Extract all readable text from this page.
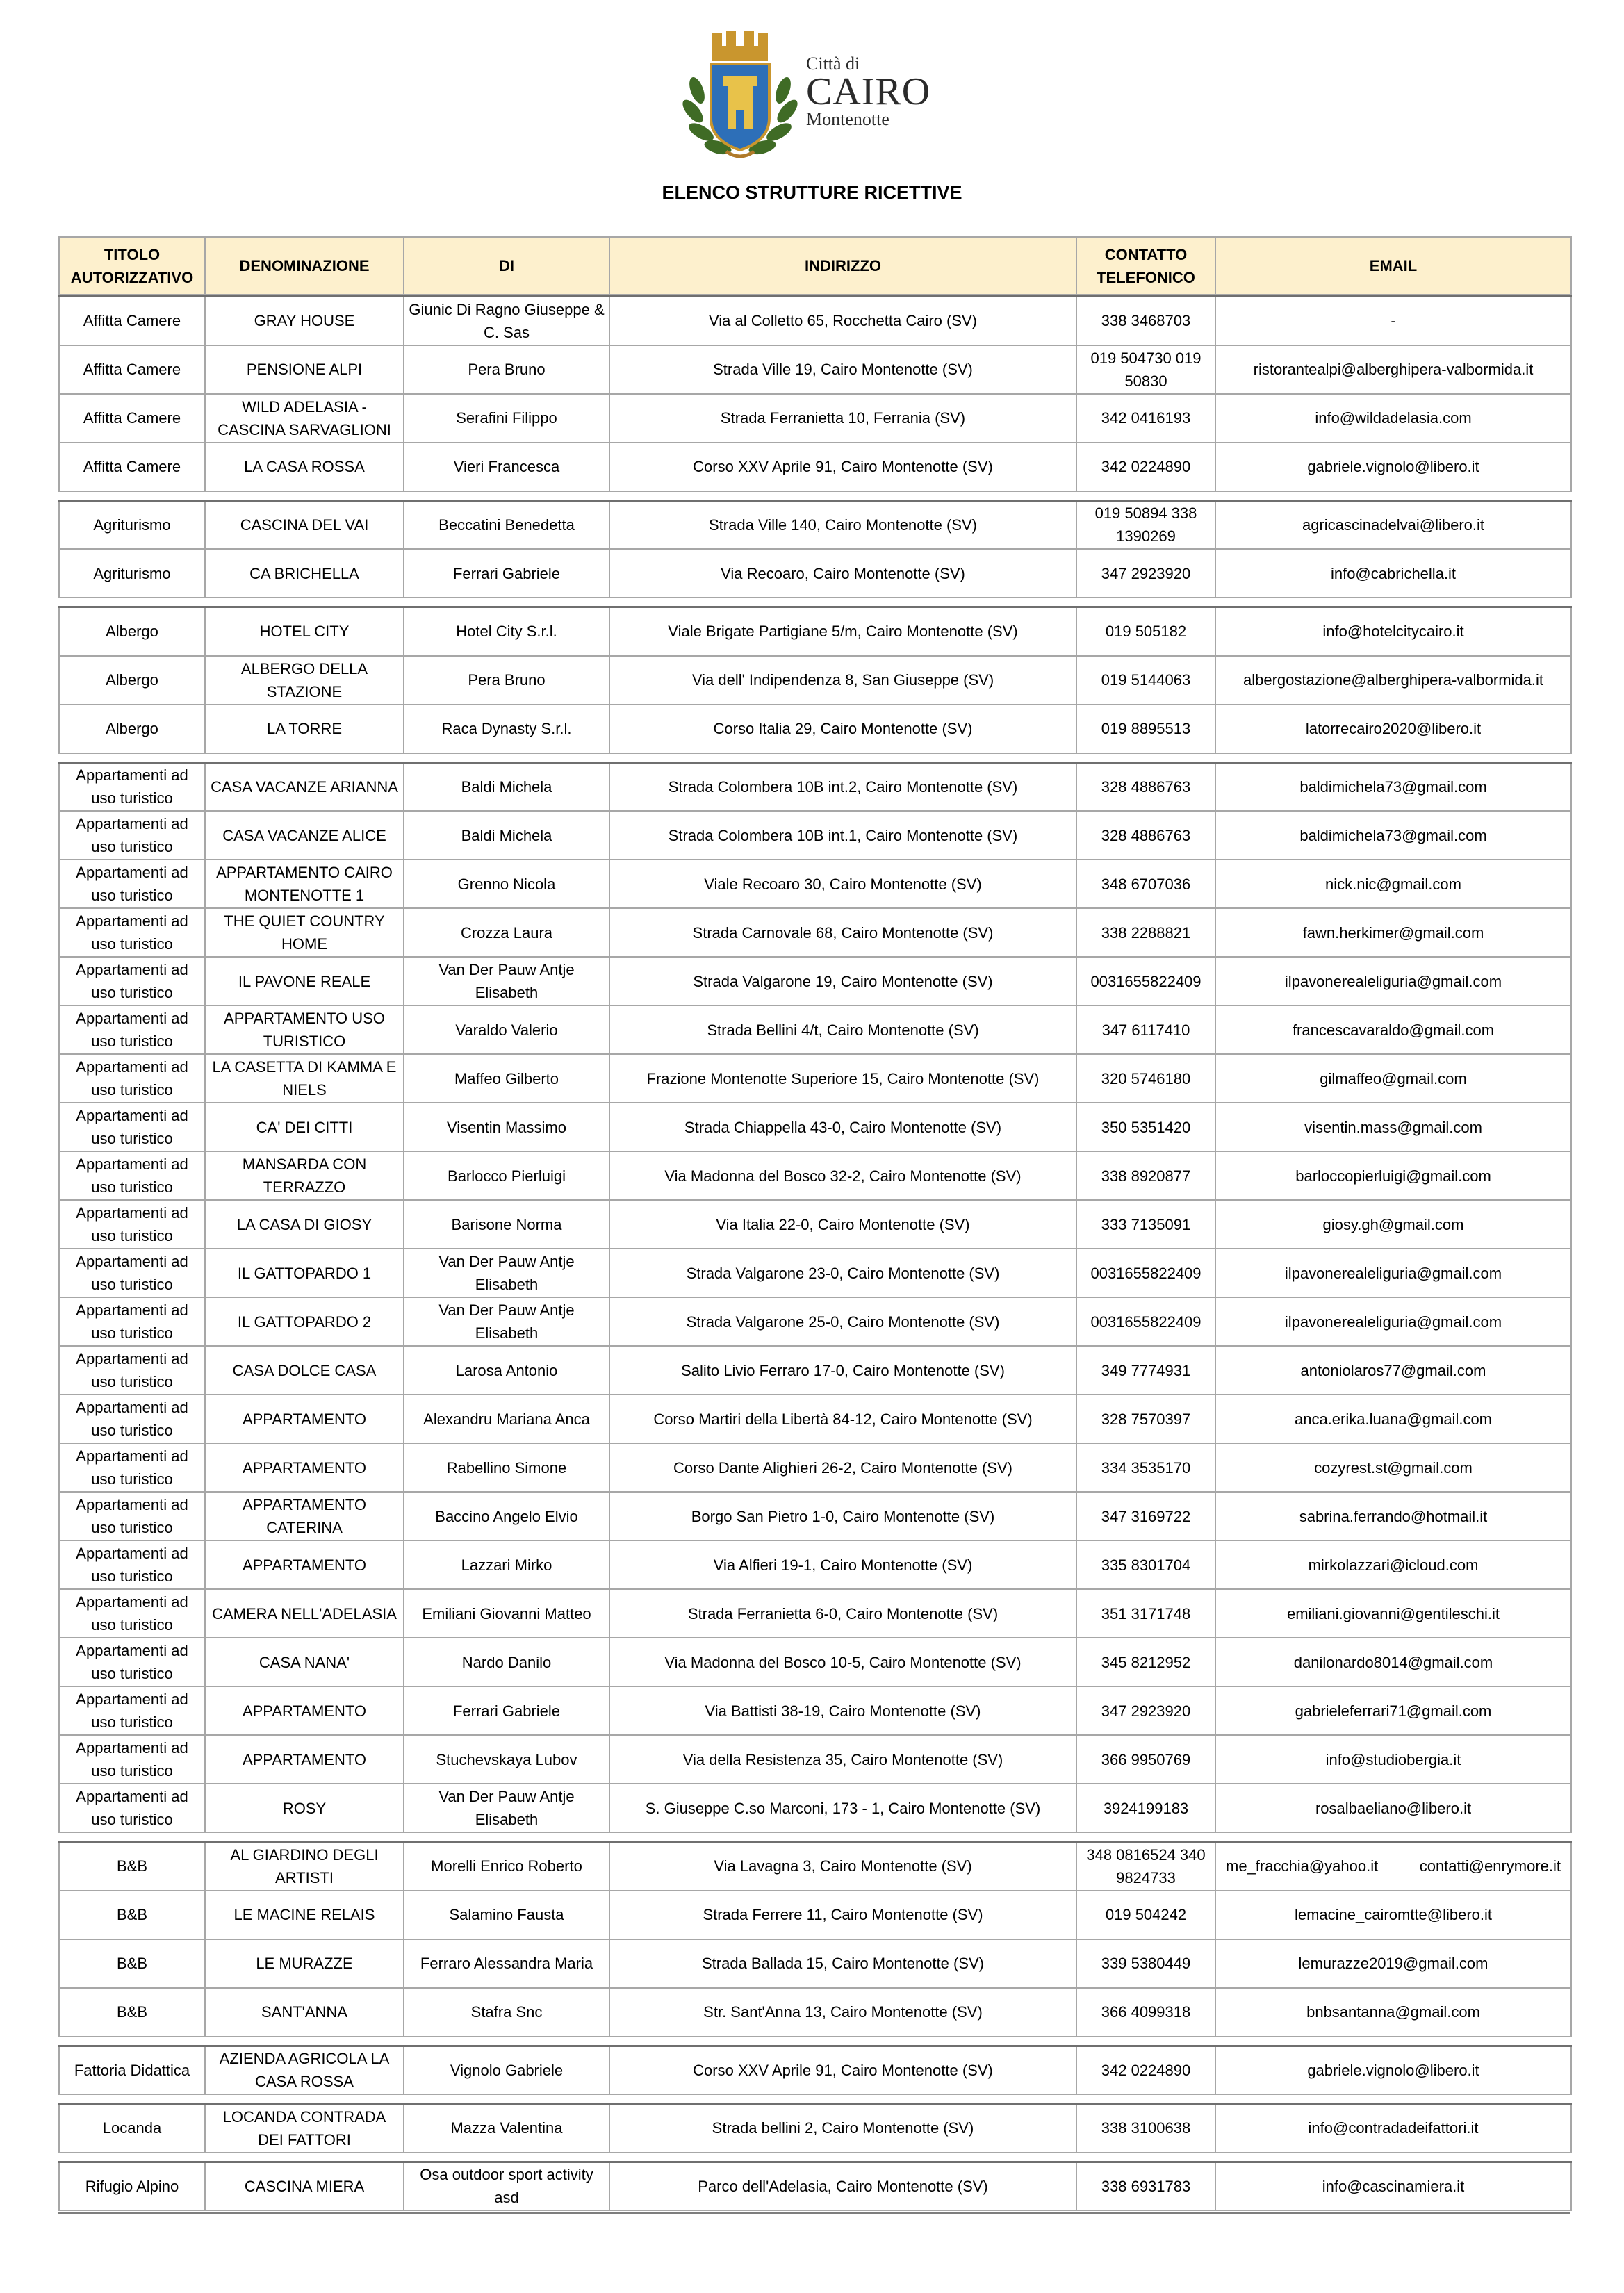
Città di
CAIRO
Montenotte
ELENCO STRUTTURE RICETTIVE
TITOLO AUTORIZZATIVO	DENOMINAZIONE	DI	INDIRIZZO	CONTATTO TELEFONICO	EMAIL
Affitta Camere	GRAY HOUSE	Giunic Di Ragno Giuseppe & C. Sas	Via al Colletto 65, Rocchetta Cairo (SV)	338 3468703	-
Affitta Camere	PENSIONE ALPI	Pera Bruno	Strada Ville 19, Cairo Montenotte (SV)	019 504730 019 50830	ristorantealpi@alberghipera-valbormida.it
Affitta Camere	WILD ADELASIA - CASCINA SARVAGLIONI	Serafini Filippo	Strada Ferranietta 10, Ferrania (SV)	342 0416193	info@wildadelasia.com
Affitta Camere	LA CASA ROSSA	Vieri Francesca	Corso XXV Aprile 91, Cairo Montenotte (SV)	342 0224890	gabriele.vignolo@libero.it
Agriturismo	CASCINA DEL VAI	Beccatini Benedetta	Strada Ville 140, Cairo Montenotte (SV)	019 50894 338 1390269	agricascinadelvai@libero.it
Agriturismo	CA BRICHELLA	Ferrari Gabriele	Via Recoaro, Cairo Montenotte (SV)	347 2923920	info@cabrichella.it
Albergo	HOTEL CITY	Hotel City S.r.l.	Viale Brigate Partigiane 5/m, Cairo Montenotte (SV)	019 505182	info@hotelcitycairo.it
Albergo	ALBERGO DELLA STAZIONE	Pera Bruno	Via dell' Indipendenza 8, San Giuseppe (SV)	019 5144063	albergostazione@alberghipera-valbormida.it
Albergo	LA TORRE	Raca Dynasty S.r.l.	Corso Italia 29, Cairo Montenotte (SV)	019 8895513	latorrecairo2020@libero.it
Appartamenti ad uso turistico	CASA VACANZE ARIANNA	Baldi Michela	Strada Colombera 10B int.2, Cairo Montenotte (SV)	328 4886763	baldimichela73@gmail.com
Appartamenti ad uso turistico	CASA VACANZE ALICE	Baldi Michela	Strada Colombera 10B int.1, Cairo Montenotte (SV)	328 4886763	baldimichela73@gmail.com
Appartamenti ad uso turistico	APPARTAMENTO CAIRO MONTENOTTE 1	Grenno Nicola	Viale Recoaro 30, Cairo Montenotte (SV)	348 6707036	nick.nic@gmail.com
Appartamenti ad uso turistico	THE QUIET COUNTRY HOME	Crozza Laura	Strada Carnovale 68, Cairo Montenotte (SV)	338 2288821	fawn.herkimer@gmail.com
Appartamenti ad uso turistico	IL PAVONE REALE	Van Der Pauw Antje Elisabeth	Strada Valgarone 19, Cairo Montenotte (SV)	0031655822409	ilpavonerealeliguria@gmail.com
Appartamenti ad uso turistico	APPARTAMENTO USO TURISTICO	Varaldo Valerio	Strada Bellini 4/t, Cairo Montenotte (SV)	347 6117410	francescavaraldo@gmail.com
Appartamenti ad uso turistico	LA CASETTA DI KAMMA E NIELS	Maffeo Gilberto	Frazione Montenotte Superiore 15, Cairo Montenotte (SV)	320 5746180	gilmaffeo@gmail.com
Appartamenti ad uso turistico	CA' DEI CITTI	Visentin Massimo	Strada Chiappella 43-0, Cairo Montenotte (SV)	350 5351420	visentin.mass@gmail.com
Appartamenti ad uso turistico	MANSARDA CON TERRAZZO	Barlocco Pierluigi	Via Madonna del Bosco 32-2, Cairo Montenotte (SV)	338 8920877	barloccopierluigi@gmail.com
Appartamenti ad uso turistico	LA CASA DI GIOSY	Barisone Norma	Via Italia 22-0, Cairo Montenotte (SV)	333 7135091	giosy.gh@gmail.com
Appartamenti ad uso turistico	IL GATTOPARDO 1	Van Der Pauw Antje Elisabeth	Strada Valgarone 23-0, Cairo Montenotte (SV)	0031655822409	ilpavonerealeliguria@gmail.com
Appartamenti ad uso turistico	IL GATTOPARDO 2	Van Der Pauw Antje Elisabeth	Strada Valgarone 25-0, Cairo Montenotte (SV)	0031655822409	ilpavonerealeliguria@gmail.com
Appartamenti ad uso turistico	CASA DOLCE CASA	Larosa Antonio	Salito Livio Ferraro 17-0, Cairo Montenotte (SV)	349 7774931	antoniolaros77@gmail.com
Appartamenti ad uso turistico	APPARTAMENTO	Alexandru Mariana Anca	Corso Martiri della Libertà 84-12, Cairo Montenotte (SV)	328 7570397	anca.erika.luana@gmail.com
Appartamenti ad uso turistico	APPARTAMENTO	Rabellino Simone	Corso Dante Alighieri 26-2, Cairo Montenotte (SV)	334 3535170	cozyrest.st@gmail.com
Appartamenti ad uso turistico	APPARTAMENTO CATERINA	Baccino Angelo Elvio	Borgo San Pietro 1-0, Cairo Montenotte (SV)	347 3169722	sabrina.ferrando@hotmail.it
Appartamenti ad uso turistico	APPARTAMENTO	Lazzari Mirko	Via Alfieri 19-1, Cairo Montenotte (SV)	335 8301704	mirkolazzari@icloud.com
Appartamenti ad uso turistico	CAMERA NELL'ADELASIA	Emiliani Giovanni Matteo	Strada Ferranietta 6-0, Cairo Montenotte (SV)	351 3171748	emiliani.giovanni@gentileschi.it
Appartamenti ad uso turistico	CASA NANA'	Nardo Danilo	Via Madonna del Bosco 10-5, Cairo Montenotte (SV)	345 8212952	danilonardo8014@gmail.com
Appartamenti ad uso turistico	APPARTAMENTO	Ferrari Gabriele	Via Battisti 38-19, Cairo Montenotte (SV)	347 2923920	gabrieleferrari71@gmail.com
Appartamenti ad uso turistico	APPARTAMENTO	Stuchevskaya Lubov	Via della Resistenza 35, Cairo Montenotte (SV)	366 9950769	info@studiobergia.it
Appartamenti ad uso turistico	ROSY	Van Der Pauw Antje Elisabeth	S. Giuseppe C.so Marconi, 173 - 1, Cairo Montenotte (SV)	3924199183	rosalbaeliano@libero.it
B&B	AL GIARDINO DEGLI ARTISTI	Morelli Enrico Roberto	Via Lavagna 3, Cairo Montenotte (SV)	348 0816524 340 9824733	me_fracchia@yahoo.it contatti@enrymore.it

B&B	LE MACINE RELAIS	Salamino Fausta	Strada Ferrere 11, Cairo Montenotte (SV)	019 504242	lemacine_cairomtte@libero.it
B&B	LE MURAZZE	Ferraro Alessandra Maria	Strada Ballada 15, Cairo Montenotte (SV)	339 5380449	lemurazze2019@gmail.com
B&B	SANT'ANNA	Stafra Snc	Str. Sant'Anna 13, Cairo Montenotte (SV)	366 4099318	bnbsantanna@gmail.com
Fattoria Didattica	AZIENDA AGRICOLA LA CASA ROSSA	Vignolo Gabriele	Corso XXV Aprile 91, Cairo Montenotte (SV)	342 0224890	gabriele.vignolo@libero.it
Locanda	LOCANDA CONTRADA DEI FATTORI	Mazza Valentina	Strada bellini 2, Cairo Montenotte (SV)	338 3100638	info@contradadeifattori.it
Rifugio Alpino	CASCINA MIERA	Osa outdoor sport activity asd	Parco dell'Adelasia, Cairo Montenotte (SV)	338 6931783	info@cascinamiera.it
